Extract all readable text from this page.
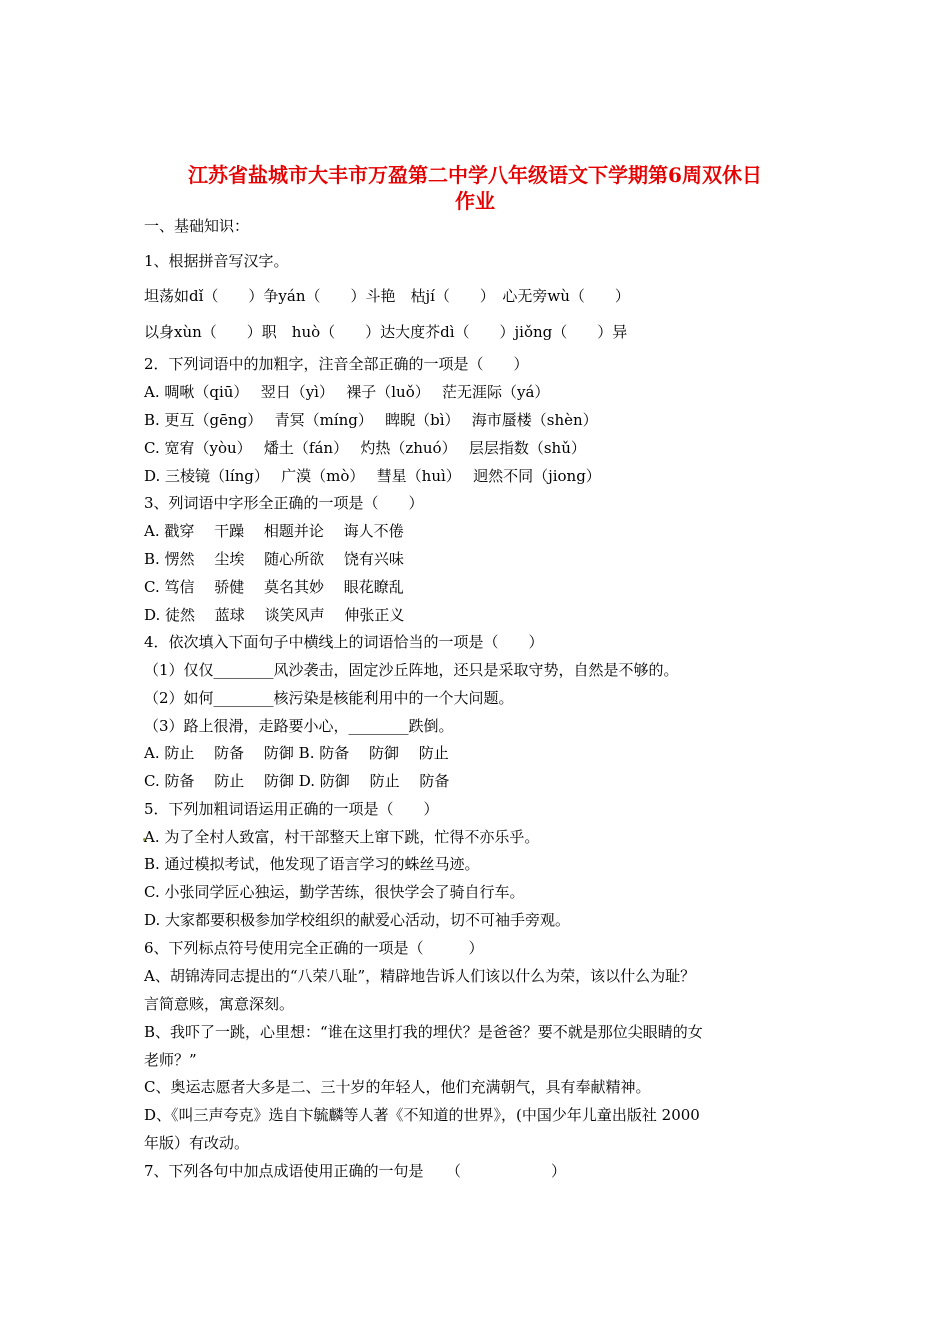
江苏省盐城市大丰市万盈第二中学八年级语文下学期第6周双休日
作业
一、基础知识：
1、根据拼音写汉字。
坦荡如dǐ（　　）争yán（　　）斗艳　枯jí（　　）　心无旁wù（　　）
以身xùn（　　）职　huò（　　）达大度芥dì（　　）jiǒng（　　）异
2．下列词语中的加粗字，注音全部正确的一项是（　　）
A. 啁啾（qiū）　 翌日（yì）　 裸子（luǒ）　 茫无涯际（yá）
B. 更互（gēng）　 青冥（míng）　 睥睨（bì）　 海市蜃楼（shèn）
C. 宽宥（yòu）　 燔土（fán）　 灼热（zhuó）　 层层指数（shǔ）
D. 三棱镜（líng）　 广漠（mò）　 彗星（huì）　 迥然不同（jiong）
3、列词语中字形全正确的一项是（　　）
A. 戳穿　 干躁　 相题并论　 诲人不倦
B. 愣然　 尘埃　 随心所欲　 饶有兴味
C. 笃信　 骄健　 莫名其妙　 眼花瞭乱
D. 徒然　 蓝球　 谈笑风声　 伸张正义
4．依次填入下面句子中横线上的词语恰当的一项是（　　）
（1）仅仅________风沙袭击，固定沙丘阵地，还只是采取守势，自然是不够的。
（2）如何________核污染是核能利用中的一个大问题。
（3）路上很滑，走路要小心，________跌倒。
A. 防止　 防备　 防御 B. 防备　 防御　 防止
C. 防备　 防止　 防御 D. 防御　 防止　 防备
5．下列加粗词语运用正确的一项是（　　）
A. 为了全村人致富，村干部整天上窜下跳，忙得不亦乐乎。
B. 通过模拟考试，他发现了语言学习的蛛丝马迹。
C. 小张同学匠心独运，勤学苦练，很快学会了骑自行车。
D. 大家都要积极参加学校组织的献爱心活动，切不可袖手旁观。
6、下列标点符号使用完全正确的一项是（　　　）
A、胡锦涛同志提出的“八荣八耻”，精辟地告诉人们该以什么为荣，该以什么为耻？
言简意赅，寓意深刻。
B、我吓了一跳，心里想：“谁在这里打我的埋伏？是爸爸？要不就是那位尖眼睛的女
老师？”
C、奥运志愿者大多是二、三十岁的年轻人，他们充满朝气，具有奉献精神。
D、《叫三声夸克》选自卞毓麟等人著《不知道的世界》，(中国少年儿童出版社 2000
年版）有改动。
7、下列各句中加点成语使用正确的一句是　　（　　　　　　）
